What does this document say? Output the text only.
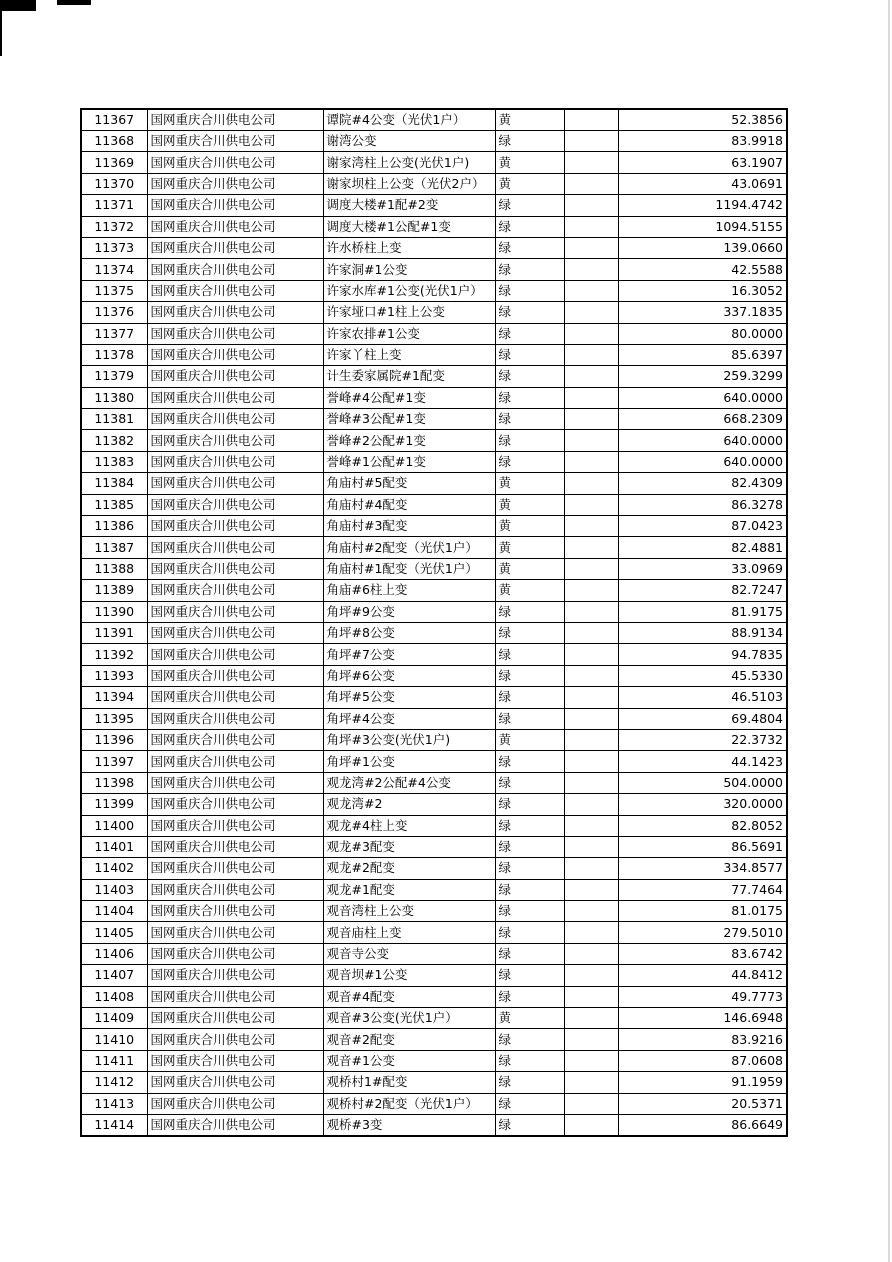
11367	国网重庆合川供电公司	谭院#4公变（光伏1户）	黄		52.3856
11368	国网重庆合川供电公司	谢湾公变	绿		83.9918
11369	国网重庆合川供电公司	谢家湾柱上公变(光伏1户)	黄		63.1907
11370	国网重庆合川供电公司	谢家坝柱上公变（光伏2户）	黄		43.0691
11371	国网重庆合川供电公司	调度大楼#1配#2变	绿		1194.4742
11372	国网重庆合川供电公司	调度大楼#1公配#1变	绿		1094.5155
11373	国网重庆合川供电公司	许水桥柱上变	绿		139.0660
11374	国网重庆合川供电公司	许家洞#1公变	绿		42.5588
11375	国网重庆合川供电公司	许家水库#1公变(光伏1户）	绿		16.3052
11376	国网重庆合川供电公司	许家垭口#1柱上公变	绿		337.1835
11377	国网重庆合川供电公司	许家农排#1公变	绿		80.0000
11378	国网重庆合川供电公司	许家丫柱上变	绿		85.6397
11379	国网重庆合川供电公司	计生委家属院#1配变	绿		259.3299
11380	国网重庆合川供电公司	誉峰#4公配#1变	绿		640.0000
11381	国网重庆合川供电公司	誉峰#3公配#1变	绿		668.2309
11382	国网重庆合川供电公司	誉峰#2公配#1变	绿		640.0000
11383	国网重庆合川供电公司	誉峰#1公配#1变	绿		640.0000
11384	国网重庆合川供电公司	角庙村#5配变	黄		82.4309
11385	国网重庆合川供电公司	角庙村#4配变	黄		86.3278
11386	国网重庆合川供电公司	角庙村#3配变	黄		87.0423
11387	国网重庆合川供电公司	角庙村#2配变（光伏1户）	黄		82.4881
11388	国网重庆合川供电公司	角庙村#1配变（光伏1户）	黄		33.0969
11389	国网重庆合川供电公司	角庙#6柱上变	黄		82.7247
11390	国网重庆合川供电公司	角坪#9公变	绿		81.9175
11391	国网重庆合川供电公司	角坪#8公变	绿		88.9134
11392	国网重庆合川供电公司	角坪#7公变	绿		94.7835
11393	国网重庆合川供电公司	角坪#6公变	绿		45.5330
11394	国网重庆合川供电公司	角坪#5公变	绿		46.5103
11395	国网重庆合川供电公司	角坪#4公变	绿		69.4804
11396	国网重庆合川供电公司	角坪#3公变(光伏1户)	黄		22.3732
11397	国网重庆合川供电公司	角坪#1公变	绿		44.1423
11398	国网重庆合川供电公司	观龙湾#2公配#4公变	绿		504.0000
11399	国网重庆合川供电公司	观龙湾#2	绿		320.0000
11400	国网重庆合川供电公司	观龙#4柱上变	绿		82.8052
11401	国网重庆合川供电公司	观龙#3配变	绿		86.5691
11402	国网重庆合川供电公司	观龙#2配变	绿		334.8577
11403	国网重庆合川供电公司	观龙#1配变	绿		77.7464
11404	国网重庆合川供电公司	观音湾柱上公变	绿		81.0175
11405	国网重庆合川供电公司	观音庙柱上变	绿		279.5010
11406	国网重庆合川供电公司	观音寺公变	绿		83.6742
11407	国网重庆合川供电公司	观音坝#1公变	绿		44.8412
11408	国网重庆合川供电公司	观音#4配变	绿		49.7773
11409	国网重庆合川供电公司	观音#3公变(光伏1户）	黄		146.6948
11410	国网重庆合川供电公司	观音#2配变	绿		83.9216
11411	国网重庆合川供电公司	观音#1公变	绿		87.0608
11412	国网重庆合川供电公司	观桥村1#配变	绿		91.1959
11413	国网重庆合川供电公司	观桥村#2配变（光伏1户）	绿		20.5371
11414	国网重庆合川供电公司	观桥#3变	绿		86.6649
